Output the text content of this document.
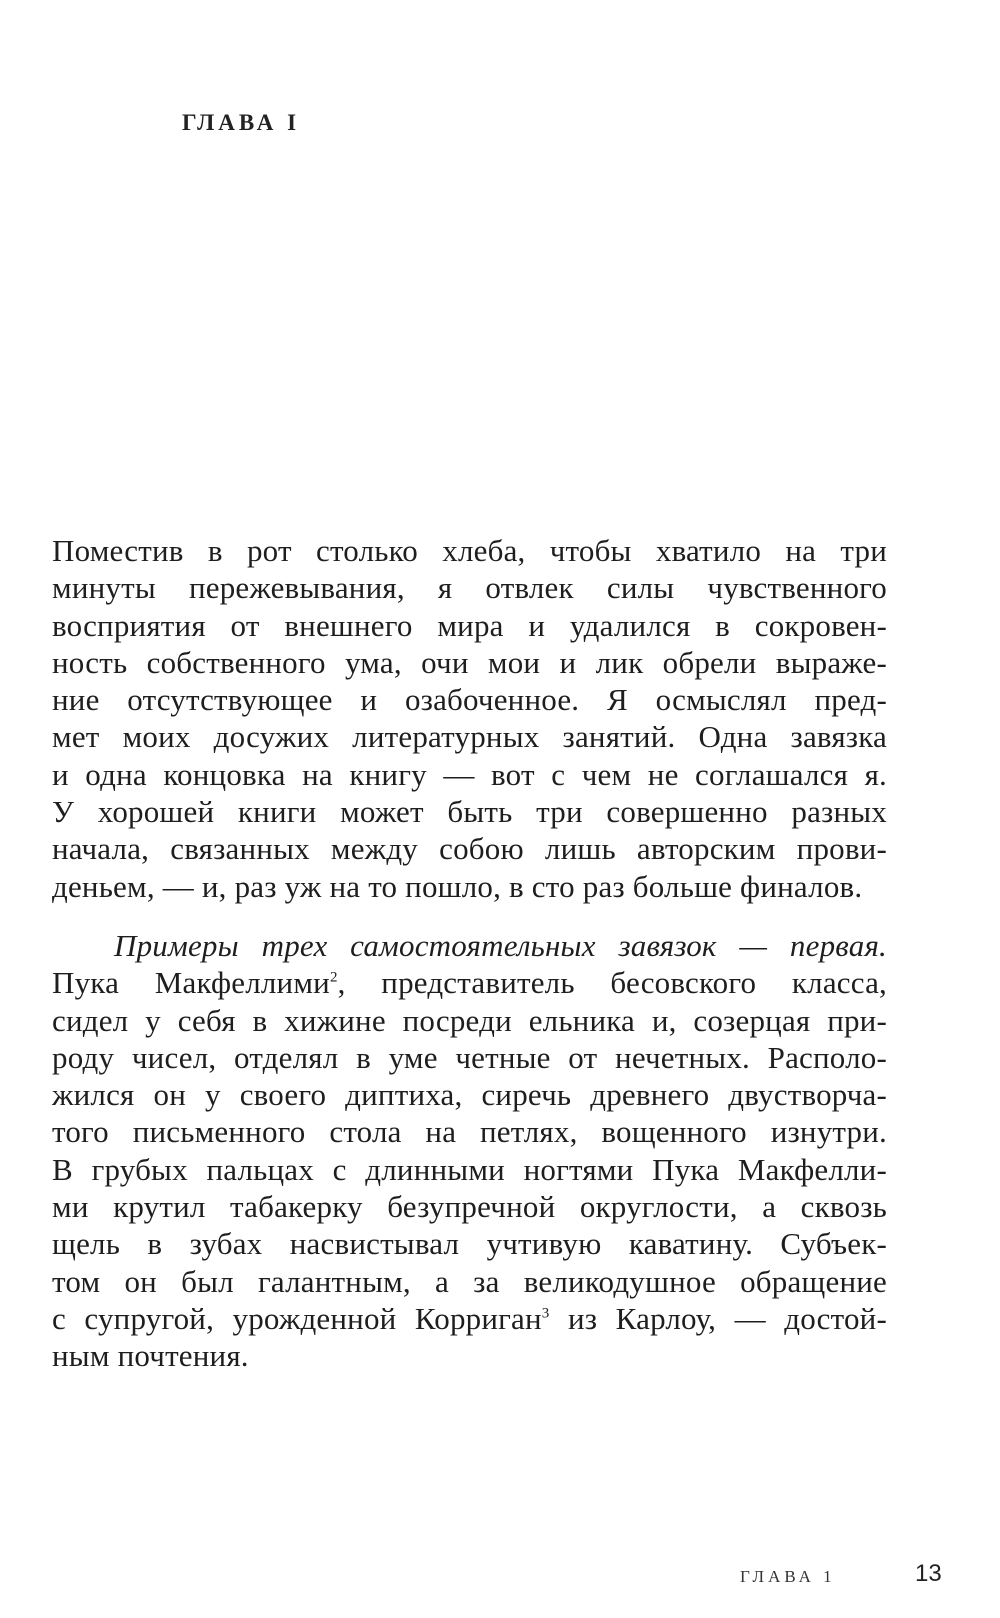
ГЛАВА I
Поместив в рот столько хлеба, чтобы хватило на три
минуты пережевывания, я отвлек силы чувственного
восприятия от внешнего мира и удалился в сокровен-
ность собственного ума, очи мои и лик обрели выраже-
ние отсутствующее и озабоченное. Я осмыслял пред-
мет моих досужих литературных занятий. Одна завязка
и одна концовка на книгу — вот с чем не соглашался я.
У хорошей книги может быть три совершенно разных
начала, связанных между собою лишь авторским прови-
деньем, — и, раз уж на то пошло, в сто раз больше финалов.
Примеры трех самостоятельных завязок — первая.
Пука Макфеллими$^2$, представитель бесовского класса,
сидел у себя в хижине посреди ельника и, созерцая при-
роду чисел, отделял в уме четные от нечетных. Располо-
жился он у своего диптиха, сиречь древнего двустворча-
того письменного стола на петлях, вощенного изнутри.
В грубых пальцах с длинными ногтями Пука Макфелли-
ми крутил табакерку безупречной округлости, а сквозь
щель в зубах насвистывал учтивую каватину. Субъек-
том он был галантным, а за великодушное обращение
с супругой, урожденной Корриган$^3$ из Карлоу, — достой-
ным почтения.
ГЛАВА 1	13
